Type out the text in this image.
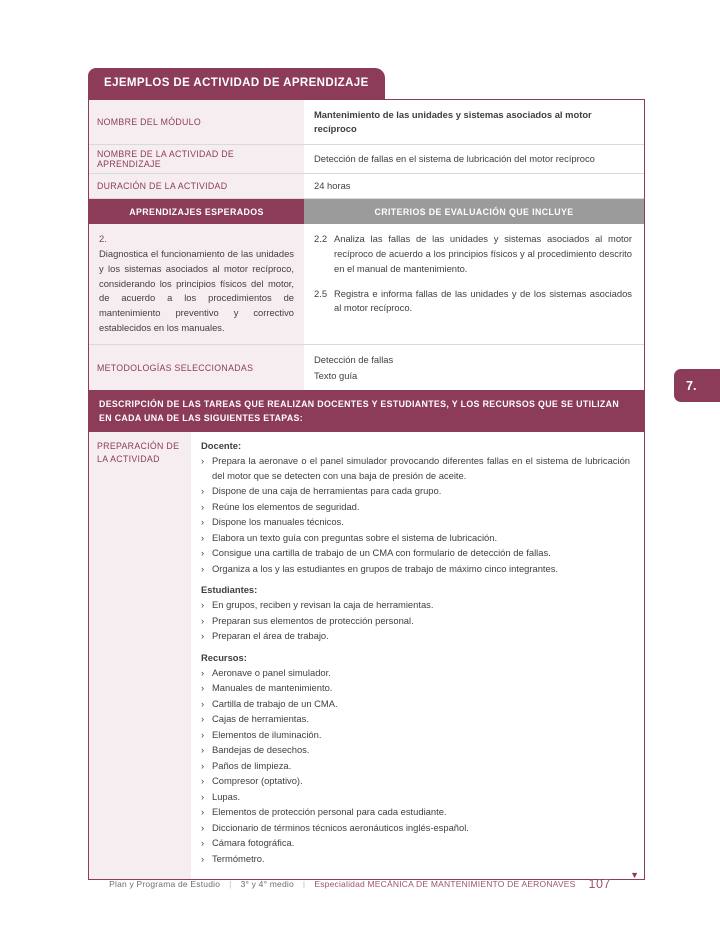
EJEMPLOS DE ACTIVIDAD DE APRENDIZAJE
NOMBRE DEL MÓDULO
Mantenimiento de las unidades y sistemas asociados al motor recíproco
NOMBRE DE LA ACTIVIDAD DE APRENDIZAJE
Detección de fallas en el sistema de lubricación del motor recíproco
DURACIÓN DE LA ACTIVIDAD	24 horas
APRENDIZAJES ESPERADOS	CRITERIOS DE EVALUACIÓN QUE INCLUYE
2.
Diagnostica el funcionamiento de las unidades y los sistemas asociados al motor recíproco, considerando los principios físicos del motor, de acuerdo a los procedimientos de mantenimiento preventivo y correctivo establecidos en los manuales.
2.2 Analiza las fallas de las unidades y sistemas asociados al motor recíproco de acuerdo a los principios físicos y al procedimiento descrito en el manual de mantenimiento.
2.5 Registra e informa fallas de las unidades y de los sistemas asociados al motor recíproco.
METODOLOGÍAS SELECCIONADAS
Detección de fallas
Texto guía
DESCRIPCIÓN DE LAS TAREAS QUE REALIZAN DOCENTES Y ESTUDIANTES, Y LOS RECURSOS QUE SE UTILIZAN EN CADA UNA DE LAS SIGUIENTES ETAPAS:
PREPARACIÓN DE LA ACTIVIDAD
Docente:
› Prepara la aeronave o el panel simulador provocando diferentes fallas en el sistema de lubricación del motor que se detecten con una baja de presión de aceite.
› Dispone de una caja de herramientas para cada grupo.
› Reúne los elementos de seguridad.
› Dispone los manuales técnicos.
› Elabora un texto guía con preguntas sobre el sistema de lubricación.
› Consigue una cartilla de trabajo de un CMA con formulario de detección de fallas.
› Organiza a los y las estudiantes en grupos de trabajo de máximo cinco integrantes.
Estudiantes:
› En grupos, reciben y revisan la caja de herramientas.
› Preparan sus elementos de protección personal.
› Preparan el área de trabajo.
Recursos:
› Aeronave o panel simulador.
› Manuales de mantenimiento.
› Cartilla de trabajo de un CMA.
› Cajas de herramientas.
› Elementos de iluminación.
› Bandejas de desechos.
› Paños de limpieza.
› Compresor (optativo).
› Lupas.
› Elementos de protección personal para cada estudiante.
› Diccionario de términos técnicos aeronáuticos inglés-español.
› Cámara fotográfica.
› Termómetro.
▼
7.
Plan y Programa de Estudio | 3° y 4° medio | Especialidad MECÁNICA DE MANTENIMIENTO DE AERONAVES 107
